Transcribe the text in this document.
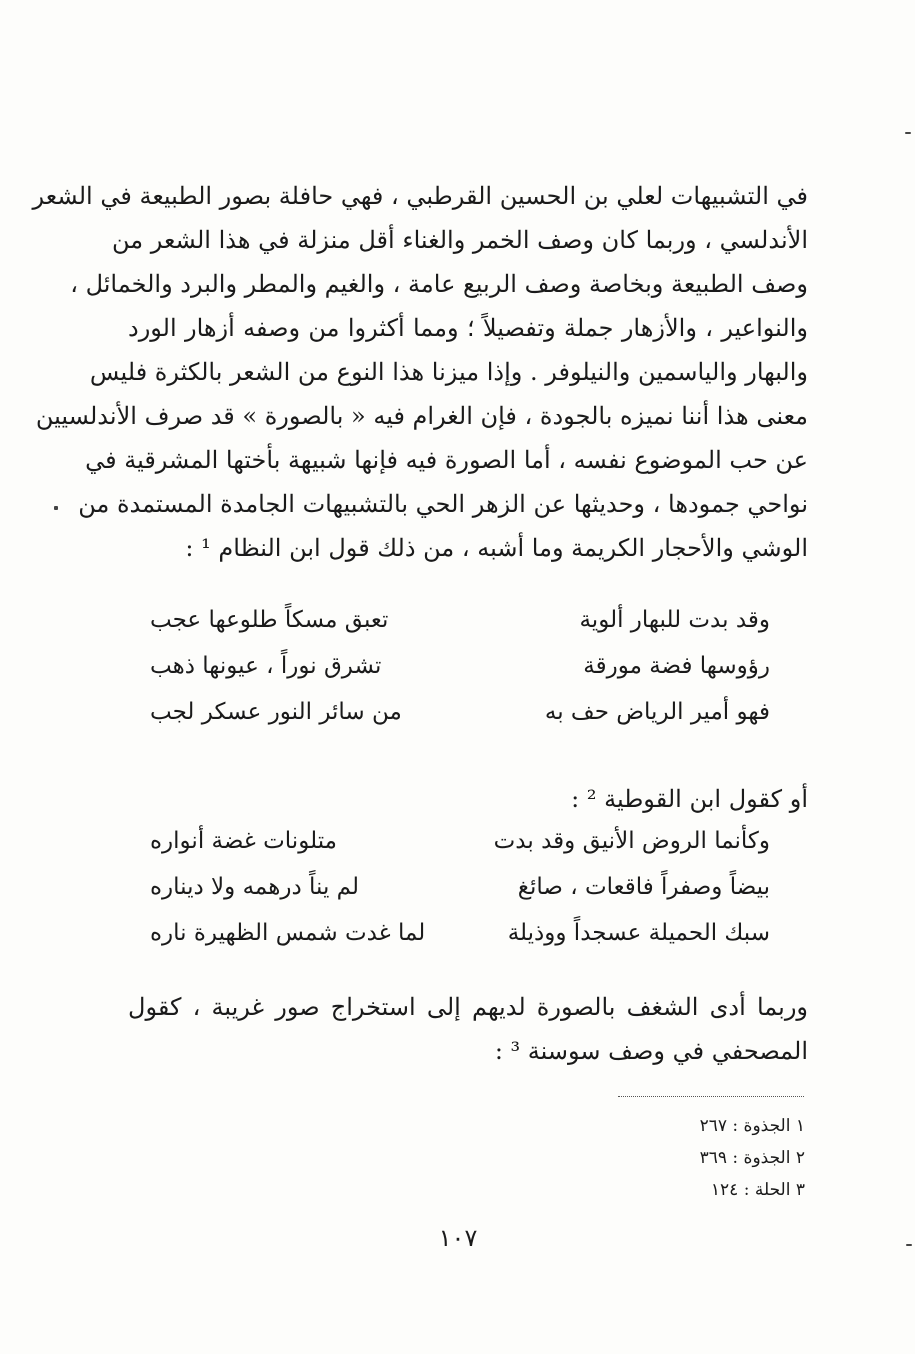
في التشبيهات لعلي بن الحسين القرطبي ، فهي حافلة بصور الطبيعة في الشعر
الأندلسي ، وربما كان وصف الخمر والغناء أقل منزلة في هذا الشعر من
وصف الطبيعة وبخاصة وصف الربيع عامة ، والغيم والمطر والبرد والخمائل ،
والنواعير ، والأزهار جملة وتفصيلاً ؛ ومما أكثروا من وصفه أزهار الورد
والبهار والياسمين والنيلوفر . وإذا ميزنا هذا النوع من الشعر بالكثرة فليس
معنى هذا أننا نميزه بالجودة ، فإن الغرام فيه « بالصورة » قد صرف الأندلسيين
عن حب الموضوع نفسه ، أما الصورة فيه فإنها شبيهة بأختها المشرقية في
نواحي جمودها ، وحديثها عن الزهر الحي بالتشبيهات الجامدة المستمدة من
الوشي والأحجار الكريمة وما أشبه ، من ذلك قول ابن النظام ¹ :
وقد بدت للبهار ألوية
تعبق مسكاً طلوعها عجب
رؤوسها فضة مورقة
تشرق نوراً ، عيونها ذهب
فهو أمير الرياض حف به
من سائر النور عسكر لجب
أو كقول ابن القوطية ² :
وكأنما الروض الأنيق وقد بدت
متلونات غضة أنواره
بيضاً وصفراً فاقعات ، صائغ
لم يناً درهمه ولا ديناره
سبك الحميلة عسجداً ووذيلة
لما غدت شمس الظهيرة ناره
وربما أدى الشغف بالصورة لديهم إلى استخراج صور غريبة ، كقول
المصحفي في وصف سوسنة ³ :
١ الجذوة : ٢٦٧
٢ الجذوة : ٣٦٩
٣ الحلة : ١٢٤
١٠٧
